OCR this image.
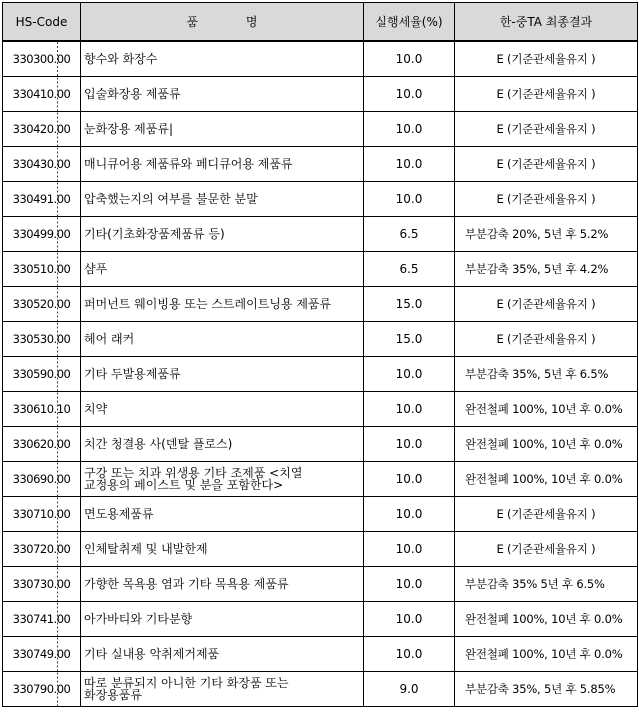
HS-Code	품 명	실행세율(%)	한-중TA 최종결과
330300.00	향수와 화장수	10.0	E (기준관세율유지 )
330410.00	입술화장용 제품류	10.0	E (기준관세율유지 )
330420.00	눈화장용 제품류|	10.0	E (기준관세율유지 )
330430.00	매니큐어용 제품류와 페디큐어용 제품류	10.0	E (기준관세율유지 )
330491.00	압축했는지의 여부를 불문한 분말	10.0	E (기준관세율유지 )
330499.00	기타(기초화장품제품류 등)	6.5	부분감축 20%, 5년 후 5.2%
330510.00	샴푸	6.5	부분감축 35%, 5년 후 4.2%
330520.00	퍼머넌트 웨이빙용 또는 스트레이트닝용 제품류	15.0	E (기준관세율유지 )
330530.00	헤어 래커	15.0	E (기준관세율유지 )
330590.00	기타 두발용제품류	10.0	부분감축 35%, 5년 후 6.5%
330610.10	치약	10.0	완전철폐 100%, 10년 후 0.0%
330620.00	치간 청결용 사(덴탈 플로스)	10.0	완전철폐 100%, 10년 후 0.0%
330690.00	구강 또는 치과 위생용 기타 조제품 <치열
교정용의 페이스트 및 분을 포함한다>	10.0	완전철폐 100%, 10년 후 0.0%
330710.00	면도용제품류	10.0	E (기준관세율유지 )
330720.00	인체탈취제 및 내발한제	10.0	E (기준관세율유지 )
330730.00	가향한 목욕용 염과 기타 목욕용 제품류	10.0	부분감축 35% 5년 후 6.5%
330741.00	아가바티와 기타분향	10.0	완전철폐 100%, 10년 후 0.0%
330749.00	기타 실내용 악취제거제품	10.0	완전철폐 100%, 10년 후 0.0%
330790.00	따로 분류되지 아니한 기타 화장품 또는
화장용품류	9.0	부분감축 35%, 5년 후 5.85%
